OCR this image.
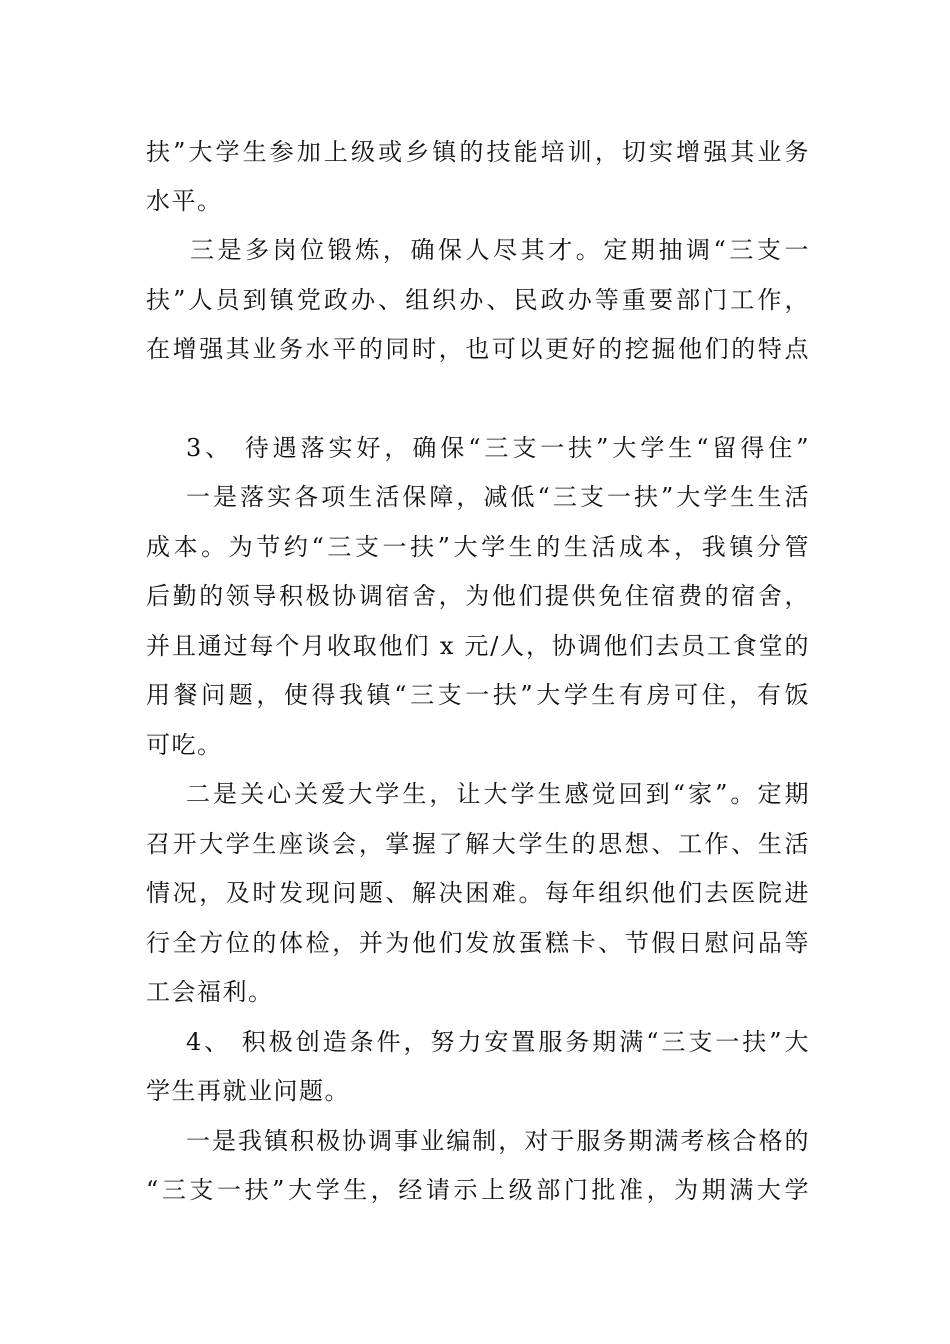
扶”大学生参加上级或乡镇的技能培训，切实增强其业务
水平。
三是多岗位锻炼，确保人尽其才。定期抽调“三支一
扶”人员到镇党政办、组织办、民政办等重要部门工作，
在增强其业务水平的同时，也可以更好的挖掘他们的特点
3、 待遇落实好，确保“三支一扶”大学生“留得住”
一是落实各项生活保障，减低“三支一扶”大学生生活
成本。为节约“三支一扶”大学生的生活成本，我镇分管
后勤的领导积极协调宿舍，为他们提供免住宿费的宿舍，
并且通过每个月收取他们 x 元/人，协调他们去员工食堂的
用餐问题，使得我镇“三支一扶”大学生有房可住，有饭
可吃。
二是关心关爱大学生，让大学生感觉回到“家”。定期
召开大学生座谈会，掌握了解大学生的思想、工作、生活
情况，及时发现问题、解决困难。每年组织他们去医院进
行全方位的体检，并为他们发放蛋糕卡、节假日慰问品等
工会福利。
4、 积极创造条件，努力安置服务期满“三支一扶”大
学生再就业问题。
一是我镇积极协调事业编制，对于服务期满考核合格的
“三支一扶”大学生，经请示上级部门批准，为期满大学
